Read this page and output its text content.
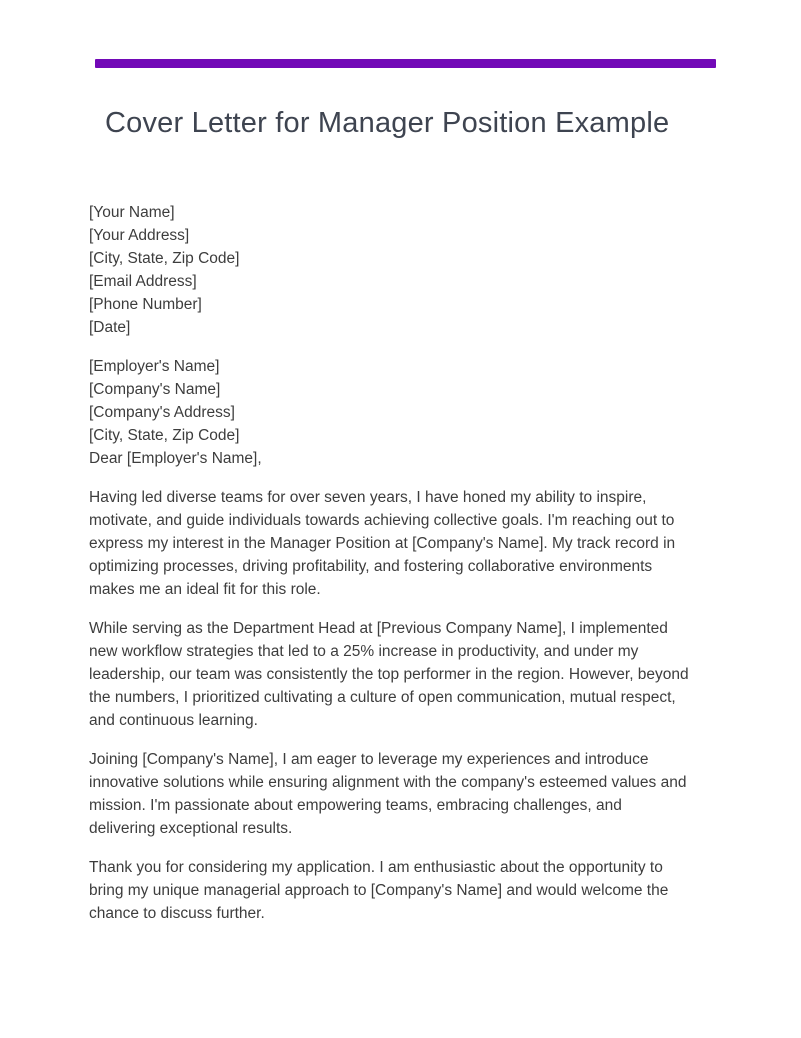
Cover Letter for Manager Position Example
[Your Name]
[Your Address]
[City, State, Zip Code]
[Email Address]
[Phone Number]
[Date]
[Employer's Name]
[Company's Name]
[Company's Address]
[City, State, Zip Code]
Dear [Employer's Name],

Having led diverse teams for over seven years, I have honed my ability to inspire, motivate, and guide individuals towards achieving collective goals. I'm reaching out to express my interest in the Manager Position at [Company's Name]. My track record in optimizing processes, driving profitability, and fostering collaborative environments makes me an ideal fit for this role.

While serving as the Department Head at [Previous Company Name], I implemented new workflow strategies that led to a 25% increase in productivity, and under my leadership, our team was consistently the top performer in the region. However, beyond the numbers, I prioritized cultivating a culture of open communication, mutual respect, and continuous learning.

Joining [Company's Name], I am eager to leverage my experiences and introduce innovative solutions while ensuring alignment with the company's esteemed values and mission. I'm passionate about empowering teams, embracing challenges, and delivering exceptional results.

Thank you for considering my application. I am enthusiastic about the opportunity to bring my unique managerial approach to [Company's Name] and would welcome the chance to discuss further.
